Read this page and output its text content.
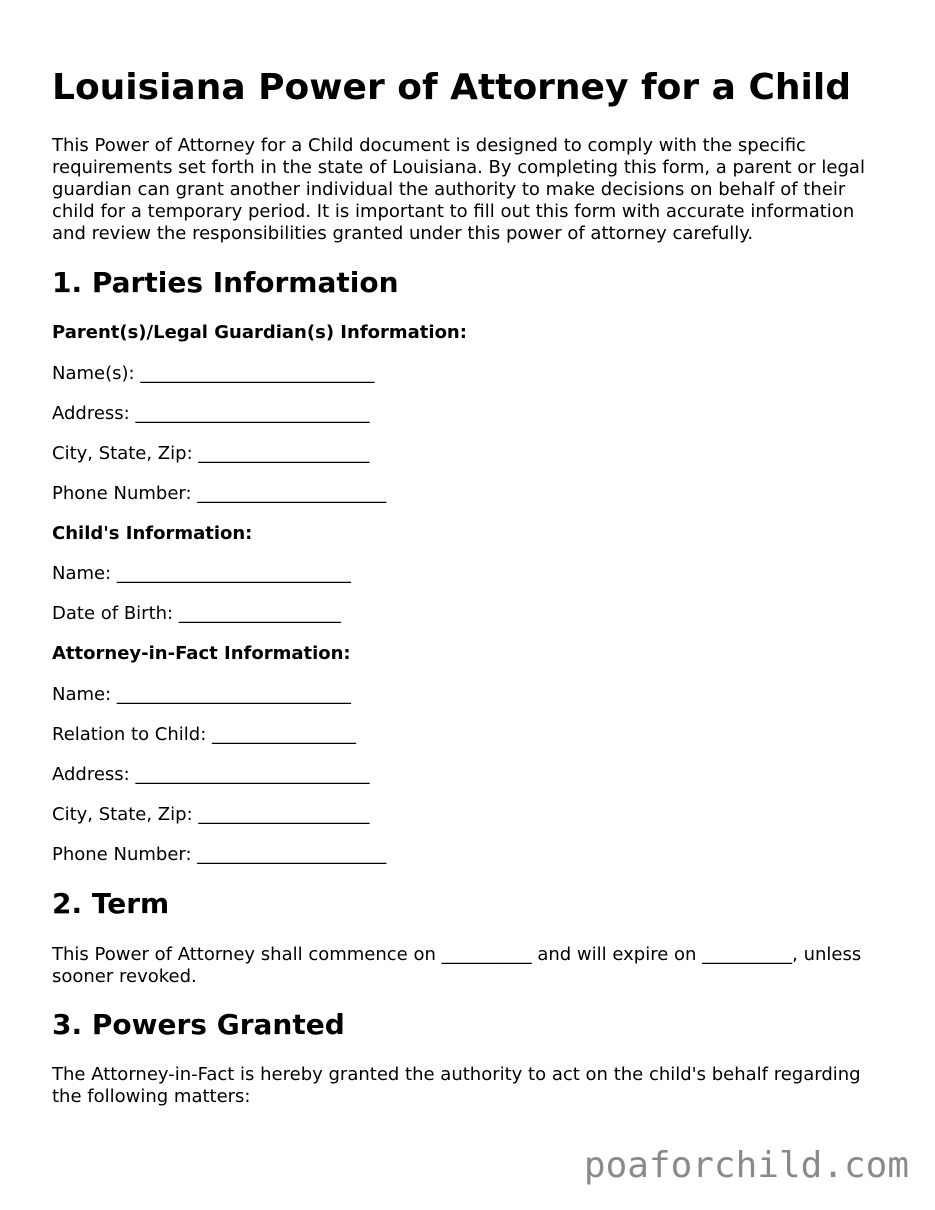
Louisiana Power of Attorney for a Child

This Power of Attorney for a Child document is designed to comply with the specific requirements set forth in the state of Louisiana. By completing this form, a parent or legal guardian can grant another individual the authority to make decisions on behalf of their child for a temporary period. It is important to fill out this form with accurate information and review the responsibilities granted under this power of attorney carefully.

1. Parties Information

Parent(s)/Legal Guardian(s) Information:

Name(s): __________________________

Address: __________________________

City, State, Zip: ___________________

Phone Number: _____________________

Child's Information:

Name: __________________________

Date of Birth: __________________

Attorney-in-Fact Information:

Name: __________________________

Relation to Child: ________________

Address: __________________________

City, State, Zip: ___________________

Phone Number: _____________________

2. Term

This Power of Attorney shall commence on __________ and will expire on __________, unless sooner revoked.

3. Powers Granted

The Attorney-in-Fact is hereby granted the authority to act on the child's behalf regarding the following matters:

poaforchild.com
